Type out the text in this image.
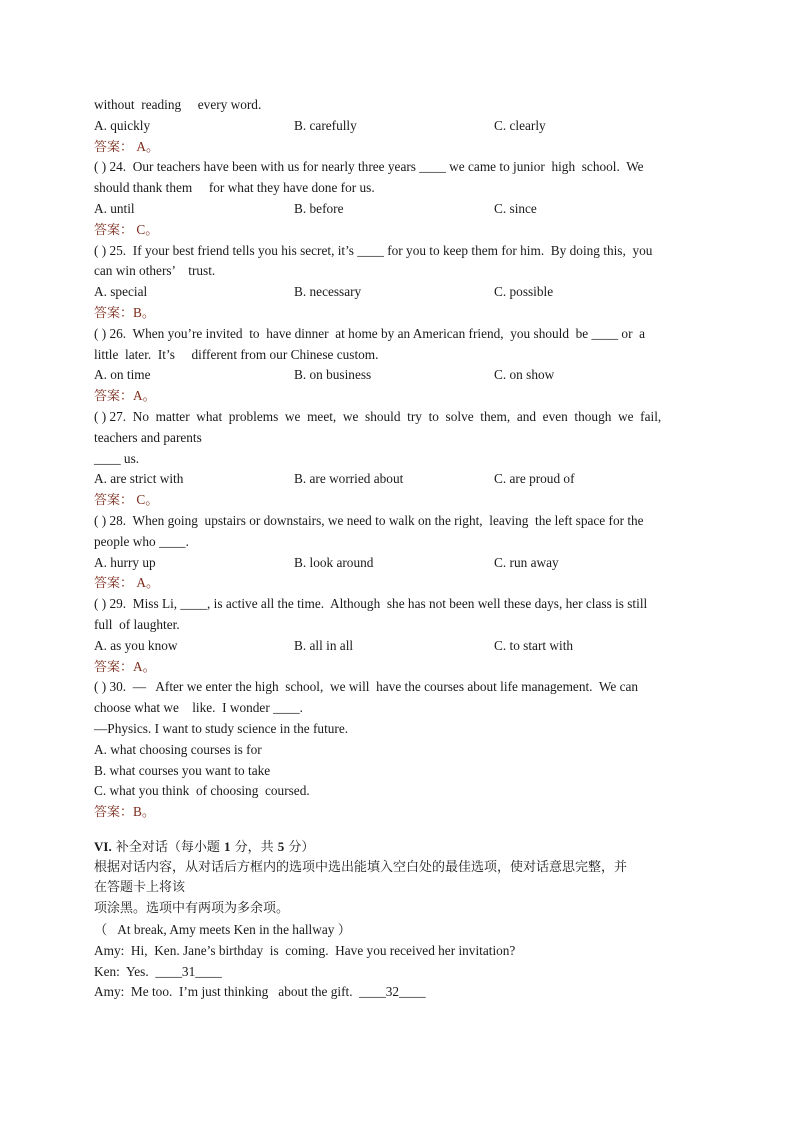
without  reading     every word.
A. quickly	B. carefully	C. clearly
答案： A。
( ) 24.  Our teachers have been with us for nearly three years ____ we came to junior  high  school.  We
should thank them     for what they have done for us.
A. until	B. before	C. since
答案： C。
( ) 25.  If your best friend tells you his secret, it’s ____ for you to keep them for him.  By doing this,  you
can win others’    trust.
A. special	B. necessary	C. possible
答案：B。
( ) 26.  When you’re invited  to  have dinner  at home by an American friend,  you should  be ____ or  a
little  later.  It’s     different from our Chinese custom.
A. on time	B. on business	C. on show
答案：A。
( ) 27.  No  matter  what  problems  we  meet,  we  should  try  to  solve  them,  and  even  though  we  fail,
teachers and parents
____ us.
A. are strict with	B. are worried about	C. are proud of
答案： C。
( ) 28.  When going  upstairs or downstairs, we need to walk on the right,  leaving  the left space for the
people who ____.
A. hurry up	B. look around	C. run away
答案： A。
( ) 29.  Miss Li, ____, is active all the time.  Although  she has not been well these days, her class is still
full  of laughter.
A. as you know	B. all in all	C. to start with
答案：A。
( ) 30.  —   After we enter the high  school,  we will  have the courses about life management.  We can
choose what we    like.  I wonder ____.
—Physics. I want to study science in the future.
A. what choosing courses is for
B. what courses you want to take
C. what you think  of choosing  coursed.
答案：B。
VI. 补全对话（每小题 1 分，共 5 分）
根据对话内容，从对话后方框内的选项中选出能填入空白处的最佳选项，使对话意思完整，并
在答题卡上将该
项涂黑。选项中有两项为多余项。
（   At break, Amy meets Ken in the hallway ）
Amy:  Hi,  Ken. Jane’s birthday  is  coming.  Have you received her invitation?
Ken:  Yes.  ____31____
Amy:  Me too.  I’m just thinking   about the gift.  ____32____
